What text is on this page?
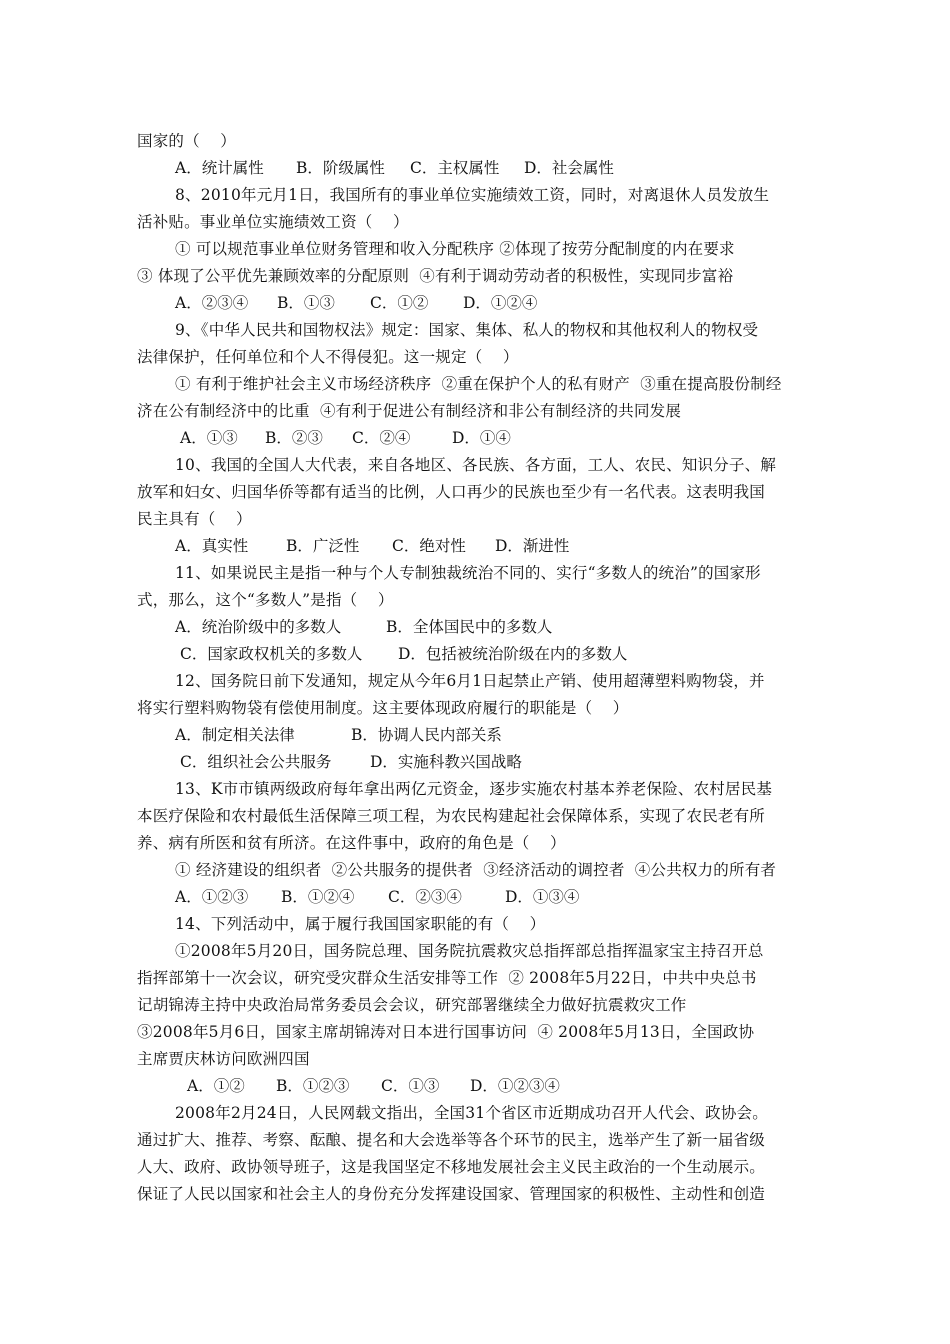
国家的（    ）
A．统计属性 B．阶级属性 C．主权属性 D．社会属性
8、2010年元月1日，我国所有的事业单位实施绩效工资，同时，对离退休人员发放生
活补贴。事业单位实施绩效工资（    ）
① 可以规范事业单位财务管理和收入分配秩序 ②体现了按劳分配制度的内在要求
③ 体现了公平优先兼顾效率的分配原则  ④有利于调动劳动者的积极性，实现同步富裕
A．②③④ B．①③ C．①② D．①②④
9、《中华人民共和国物权法》规定：国家、集体、私人的物权和其他权利人的物权受
法律保护，任何单位和个人不得侵犯。这一规定（    ）
① 有利于维护社会主义市场经济秩序  ②重在保护个人的私有财产  ③重在提高股份制经
济在公有制经济中的比重  ④有利于促进公有制经济和非公有制经济的共同发展
A．①③ B．②③ C．②④	D．①④
10、我国的全国人大代表，来自各地区、各民族、各方面，工人、农民、知识分子、解
放军和妇女、归国华侨等都有适当的比例，人口再少的民族也至少有一名代表。这表明我国
民主具有（    ）
A．真实性 B．广泛性 C．绝对性 D．渐进性
11、如果说民主是指一种与个人专制独裁统治不同的、实行“多数人的统治”的国家形
式，那么，这个“多数人”是指（    ）
A．统治阶级中的多数人	B．全体国民中的多数人
C．国家政权机关的多数人 D．包括被统治阶级在内的多数人
12、国务院日前下发通知，规定从今年6月1日起禁止产销、使用超薄塑料购物袋，并
将实行塑料购物袋有偿使用制度。这主要体现政府履行的职能是（    ）
A．制定相关法律	B．协调人民内部关系
C．组织社会公共服务 D．实施科教兴国战略
13、K市市镇两级政府每年拿出两亿元资金，逐步实施农村基本养老保险、农村居民基
本医疗保险和农村最低生活保障三项工程，为农民构建起社会保障体系，实现了农民老有所
养、病有所医和贫有所济。在这件事中，政府的角色是（    ）
① 经济建设的组织者  ②公共服务的提供者  ③经济活动的调控者  ④公共权力的所有者
A．①②③ B．①②④ C．②③④	D．①③④
14、下列活动中，属于履行我国国家职能的有（    ）
①2008年5月20日，国务院总理、国务院抗震救灾总指挥部总指挥温家宝主持召开总
指挥部第十一次会议，研究受灾群众生活安排等工作  ② 2008年5月22日，中共中央总书
记胡锦涛主持中央政治局常务委员会会议，研究部署继续全力做好抗震救灾工作
③2008年5月6日，国家主席胡锦涛对日本进行国事访问  ④ 2008年5月13日，全国政协
主席贾庆林访问欧洲四国
A．①② B．①②③ C．①③ D．①②③④
2008年2月24日，人民网载文指出，全国31个省区市近期成功召开人代会、政协会。
通过扩大、推荐、考察、酝酿、提名和大会选举等各个环节的民主，选举产生了新一届省级
人大、政府、政协领导班子，这是我国坚定不移地发展社会主义民主政治的一个生动展示。
保证了人民以国家和社会主人的身份充分发挥建设国家、管理国家的积极性、主动性和创造
